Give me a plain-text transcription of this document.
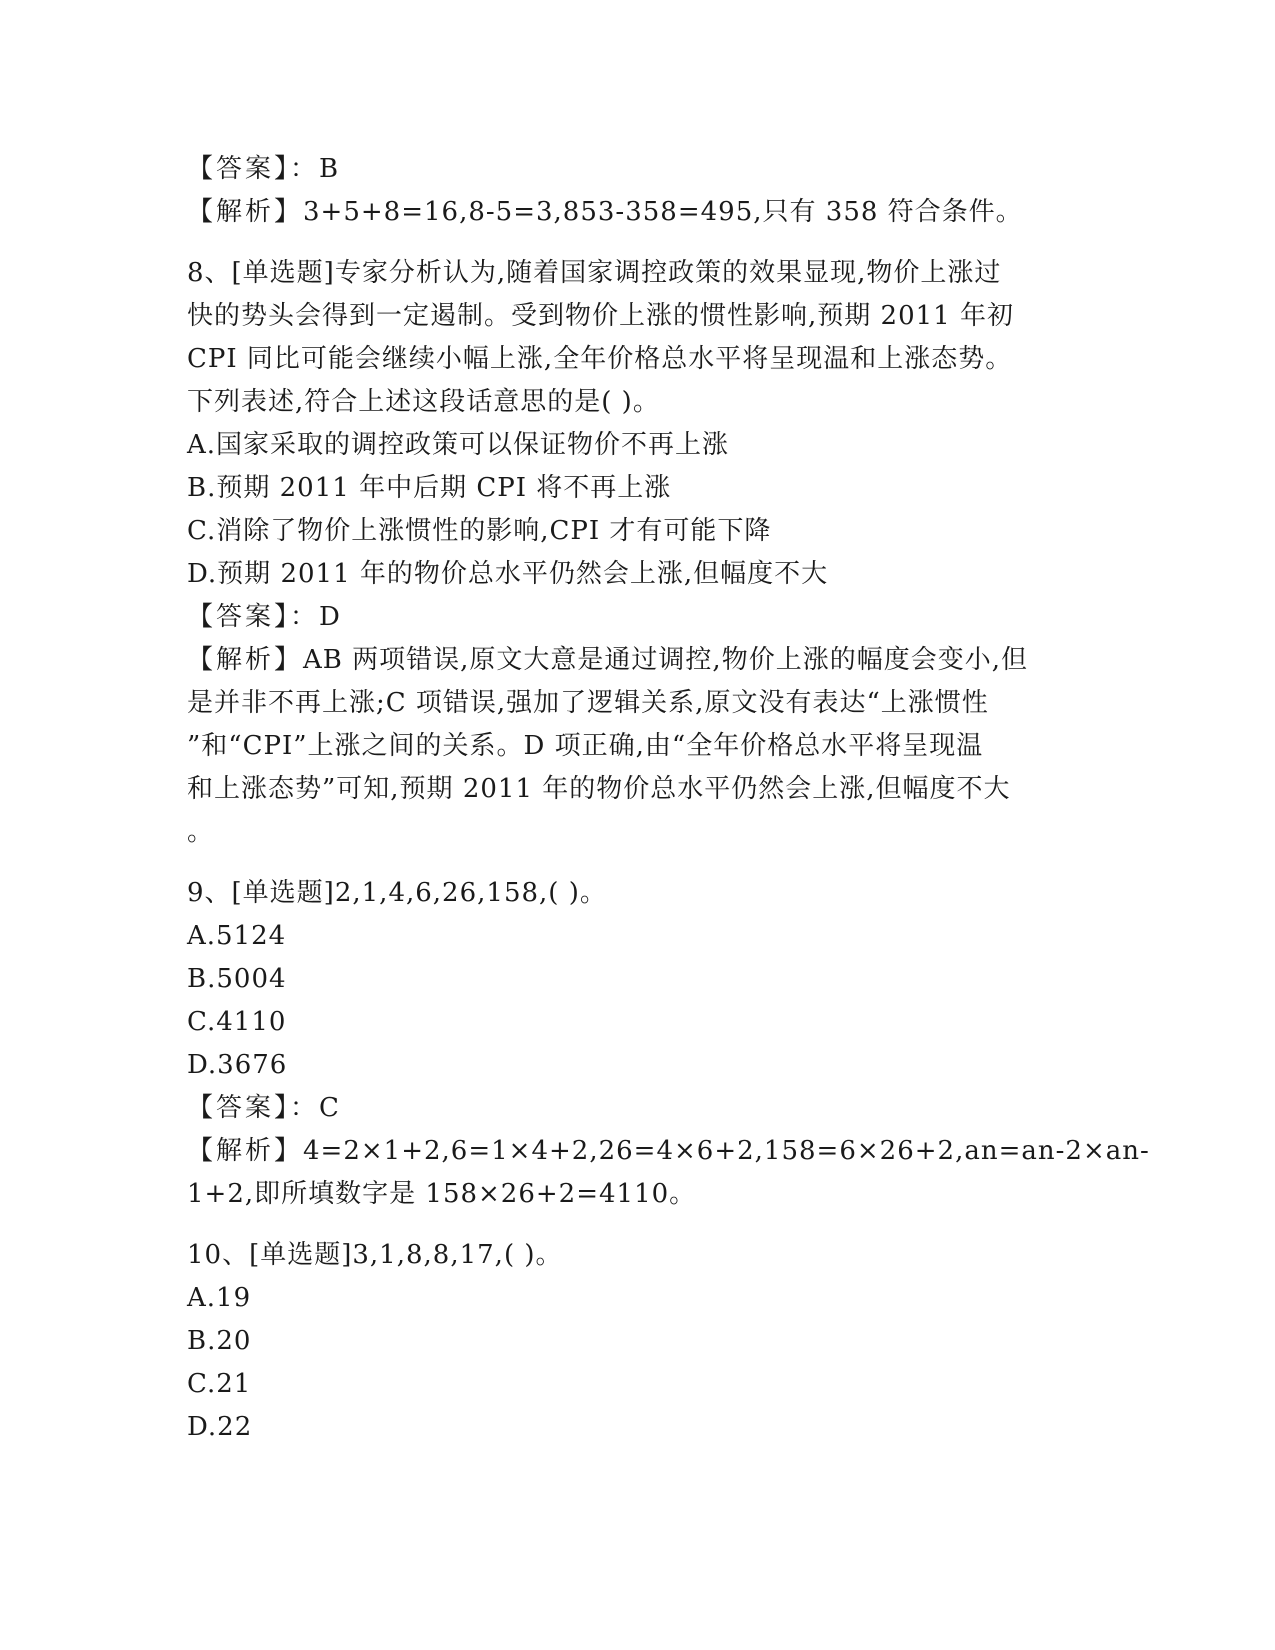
【答案】：B
【解析】3+5+8=16,8-5=3,853-358=495,只有 358 符合条件。
8、[单选题]专家分析认为,随着国家调控政策的效果显现,物价上涨过
快的势头会得到一定遏制。受到物价上涨的惯性影响,预期 2011 年初
CPI 同比可能会继续小幅上涨,全年价格总水平将呈现温和上涨态势。
下列表述,符合上述这段话意思的是( )。
A.国家采取的调控政策可以保证物价不再上涨
B.预期 2011 年中后期 CPI 将不再上涨
C.消除了物价上涨惯性的影响,CPI 才有可能下降
D.预期 2011 年的物价总水平仍然会上涨,但幅度不大
【答案】：D
【解析】AB 两项错误,原文大意是通过调控,物价上涨的幅度会变小,但
是并非不再上涨;C 项错误,强加了逻辑关系,原文没有表达“上涨惯性
”和“CPI”上涨之间的关系。D 项正确,由“全年价格总水平将呈现温
和上涨态势”可知,预期 2011 年的物价总水平仍然会上涨,但幅度不大
。
9、[单选题]2,1,4,6,26,158,( )。
A.5124
B.5004
C.4110
D.3676
【答案】：C
【解析】4=2×1+2,6=1×4+2,26=4×6+2,158=6×26+2,an=an-2×an-
1+2,即所填数字是 158×26+2=4110。
10、[单选题]3,1,8,8,17,( )。
A.19
B.20
C.21
D.22
